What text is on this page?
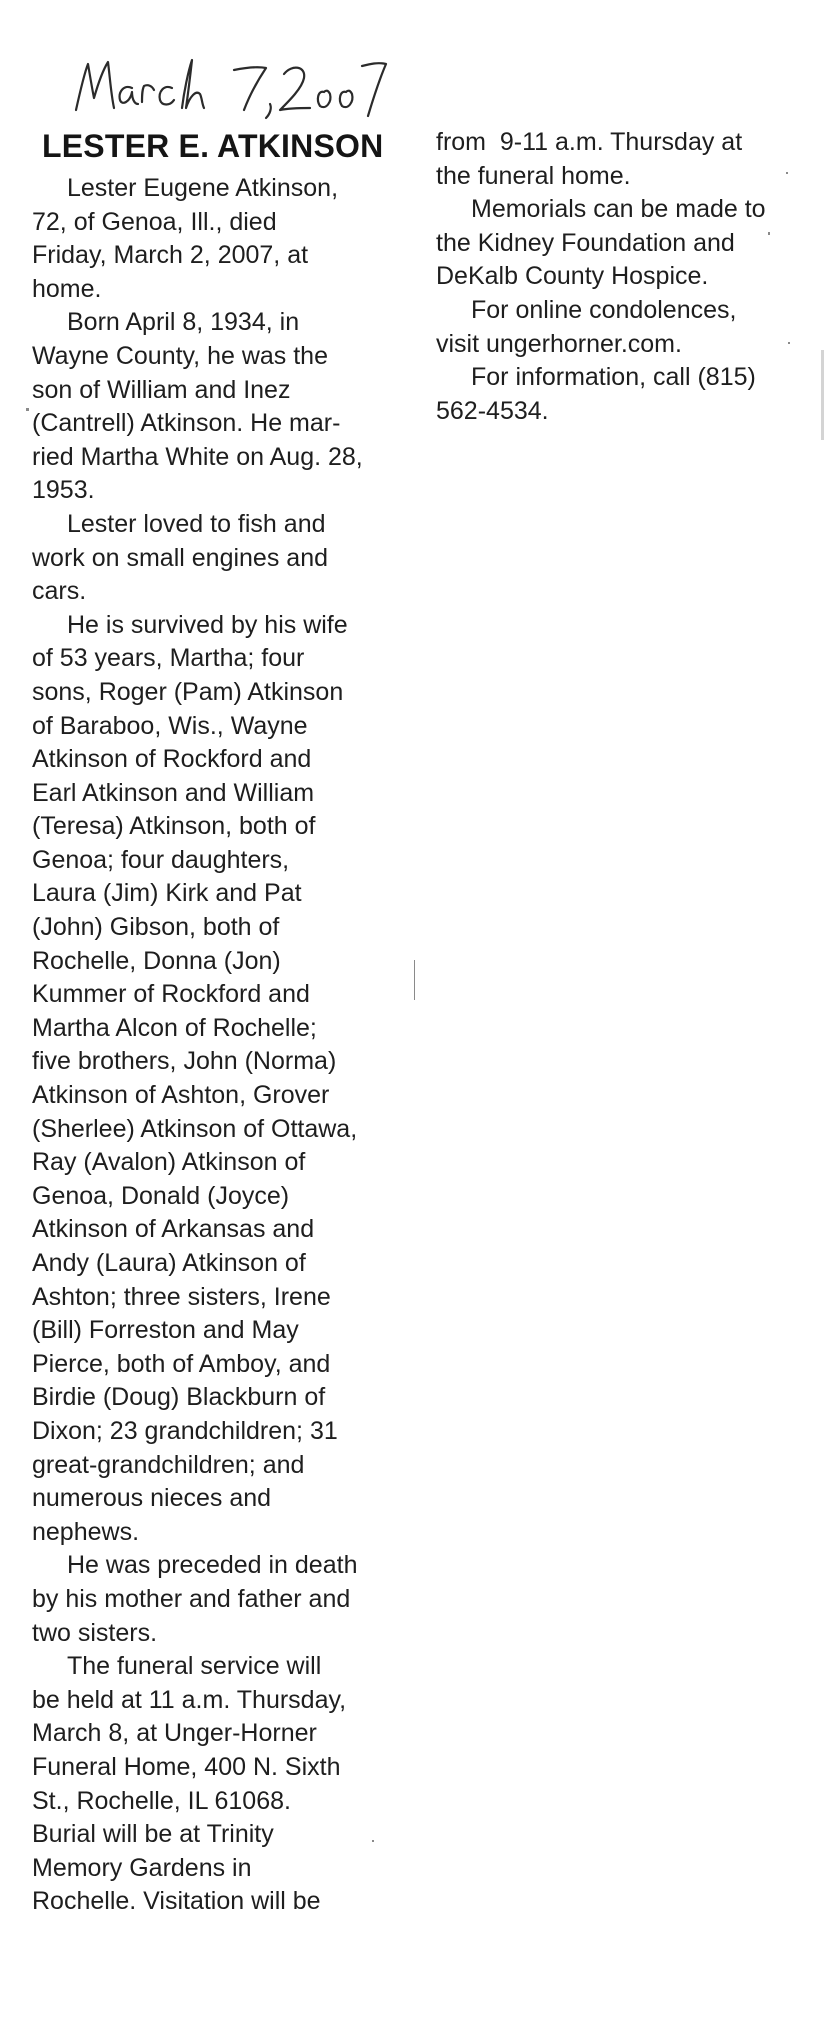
LESTER E. ATKINSON

Lester Eugene Atkinson,
72, of Genoa, Ill., died
Friday, March 2, 2007, at
home.

Born April 8, 1934, in
Wayne County, he was the
son of William and Inez
(Cantrell) Atkinson. He mar-
ried Martha White on Aug. 28,
1953.

Lester loved to fish and
work on small engines and
cars.

He is survived by his wife
of 53 years, Martha; four
sons, Roger (Pam) Atkinson
of Baraboo, Wis., Wayne
Atkinson of Rockford and
Earl Atkinson and William
(Teresa) Atkinson, both of
Genoa; four daughters,
Laura (Jim) Kirk and Pat
(John) Gibson, both of
Rochelle, Donna (Jon)
Kummer of Rockford and
Martha Alcon of Rochelle;
five brothers, John (Norma)
Atkinson of Ashton, Grover
(Sherlee) Atkinson of Ottawa,
Ray (Avalon) Atkinson of
Genoa, Donald (Joyce)
Atkinson of Arkansas and
Andy (Laura) Atkinson of
Ashton; three sisters, Irene
(Bill) Forreston and May
Pierce, both of Amboy, and
Birdie (Doug) Blackburn of
Dixon; 23 grandchildren; 31
great-grandchildren; and
numerous nieces and
nephews.

He was preceded in death
by his mother and father and
two sisters.

The funeral service will
be held at 11 a.m. Thursday,
March 8, at Unger-Horner
Funeral Home, 400 N. Sixth
St., Rochelle, IL 61068.
Burial will be at Trinity
Memory Gardens in
Rochelle. Visitation will be

from  9-11 a.m. Thursday at
the funeral home.

Memorials can be made to
the Kidney Foundation and
DeKalb County Hospice.

For online condolences,
visit ungerhorner.com.

For information, call (815)
562-4534.
